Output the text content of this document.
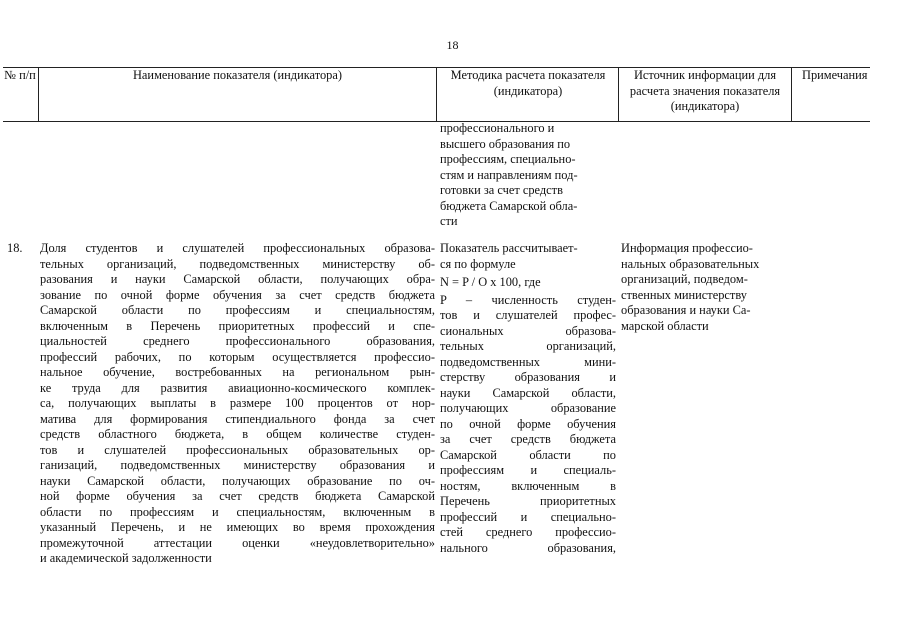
18
№ п/п	Наименование показателя (индикатора)	Методика расчета показателя (индикатора)
Источник информации для расчета значения показателя (индикатора)
Примечания
профессионального и
высшего образования по
профессиям, специально-
стям и направлениям под-
готовки за счет средств
бюджета Самарской обла-
сти
18. Доля студентов и слушателей профессиональных образова-
тельных организаций, подведомственных министерству об-
разования и науки Самарской области, получающих обра-
зование по очной форме обучения за счет средств бюджета
Самарской области по профессиям и специальностям,
включенным в Перечень приоритетных профессий и спе-
циальностей среднего профессионального образования,
профессий рабочих, по которым осуществляется профессио-
нальное обучение, востребованных на региональном рын-
ке труда для развития авиационно-космического комплек-
са, получающих выплаты в размере 100 процентов от нор-
матива для формирования стипендиального фонда за счет
средств областного бюджета, в общем количестве студен-
тов и слушателей профессиональных образовательных ор-
ганизаций, подведомственных министерству образования и
науки Самарской области, получающих образование по оч-
ной форме обучения за счет средств бюджета Самарской
области по профессиям и специальностям, включенным в
указанный Перечень, и не имеющих во время прохождения
промежуточной аттестации оценки «неудовлетворительно»
и академической задолженности
Показатель рассчитывает-
ся по формуле
N = P / O x 100, где
P – численность студен-
тов и слушателей профес-
сиональных образова-
тельных организаций,
подведомственных мини-
стерству образования и
науки Самарской области,
получающих образование
по очной форме обучения
за счет средств бюджета
Самарской области по
профессиям и специаль-
ностям, включенным в
Перечень приоритетных
профессий и специально-
стей среднего профессио-
нального образования,
Информация профессио-
нальных образовательных
организаций, подведом-
ственных министерству
образования и науки Са-
марской области
